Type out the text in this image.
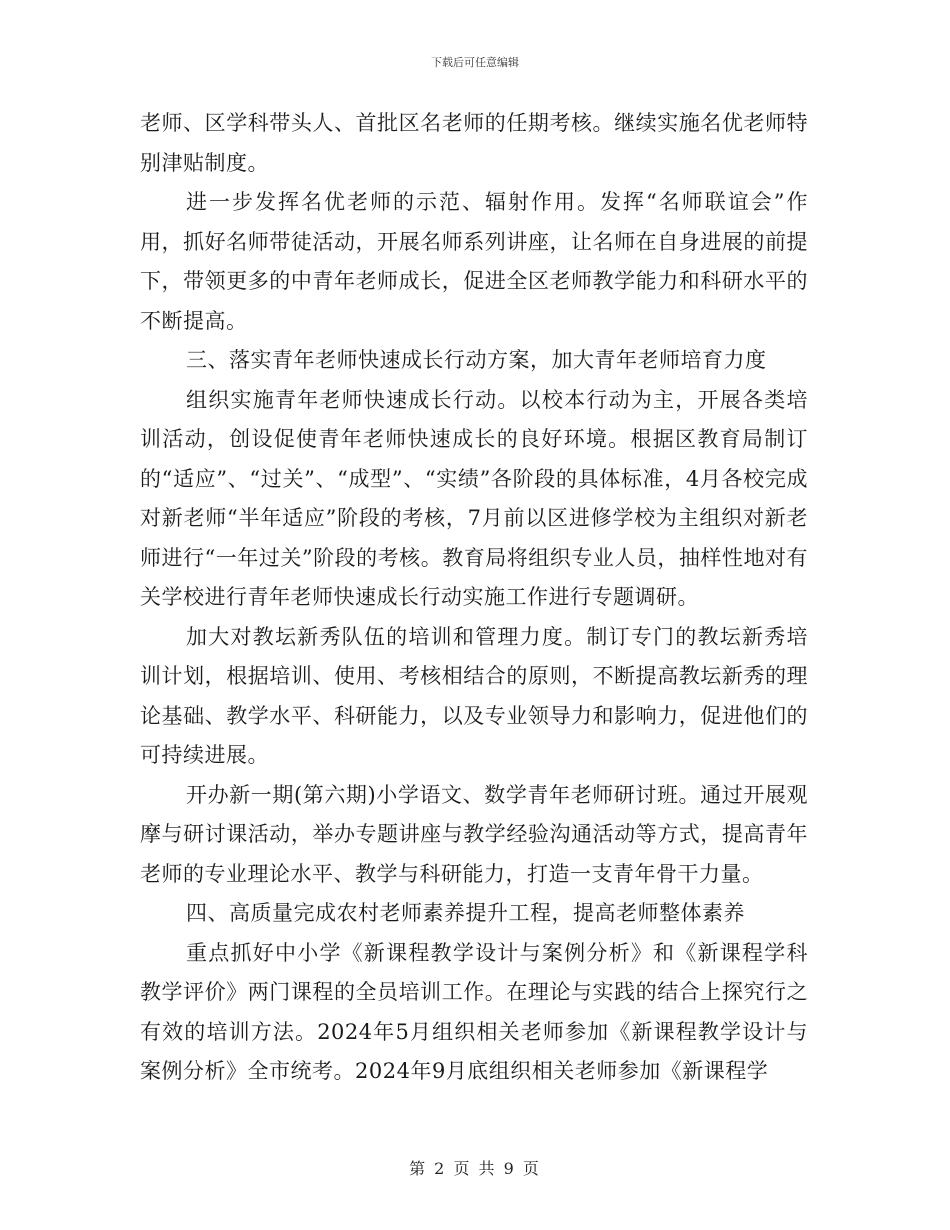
下载后可任意编辑

老师、区学科带头人、首批区名老师的任期考核。继续实施名优老师特别津贴制度。

进一步发挥名优老师的示范、辐射作用。发挥“名师联谊会”作用，抓好名师带徒活动，开展名师系列讲座，让名师在自身进展的前提下，带领更多的中青年老师成长，促进全区老师教学能力和科研水平的不断提高。

三、落实青年老师快速成长行动方案，加大青年老师培育力度

组织实施青年老师快速成长行动。以校本行动为主，开展各类培训活动，创设促使青年老师快速成长的良好环境。根据区教育局制订的“适应”、“过关”、“成型”、“实绩”各阶段的具体标准，4月各校完成对新老师“半年适应”阶段的考核，7月前以区进修学校为主组织对新老师进行“一年过关”阶段的考核。教育局将组织专业人员，抽样性地对有关学校进行青年老师快速成长行动实施工作进行专题调研。

加大对教坛新秀队伍的培训和管理力度。制订专门的教坛新秀培训计划，根据培训、使用、考核相结合的原则，不断提高教坛新秀的理论基础、教学水平、科研能力，以及专业领导力和影响力，促进他们的可持续进展。

开办新一期(第六期)小学语文、数学青年老师研讨班。通过开展观摩与研讨课活动，举办专题讲座与教学经验沟通活动等方式，提高青年老师的专业理论水平、教学与科研能力，打造一支青年骨干力量。

四、高质量完成农村老师素养提升工程，提高老师整体素养

重点抓好中小学《新课程教学设计与案例分析》和《新课程学科教学评价》两门课程的全员培训工作。在理论与实践的结合上探究行之有效的培训方法。2024年5月组织相关老师参加《新课程教学设计与案例分析》全市统考。2024年9月底组织相关老师参加《新课程学

第 2 页 共 9 页
